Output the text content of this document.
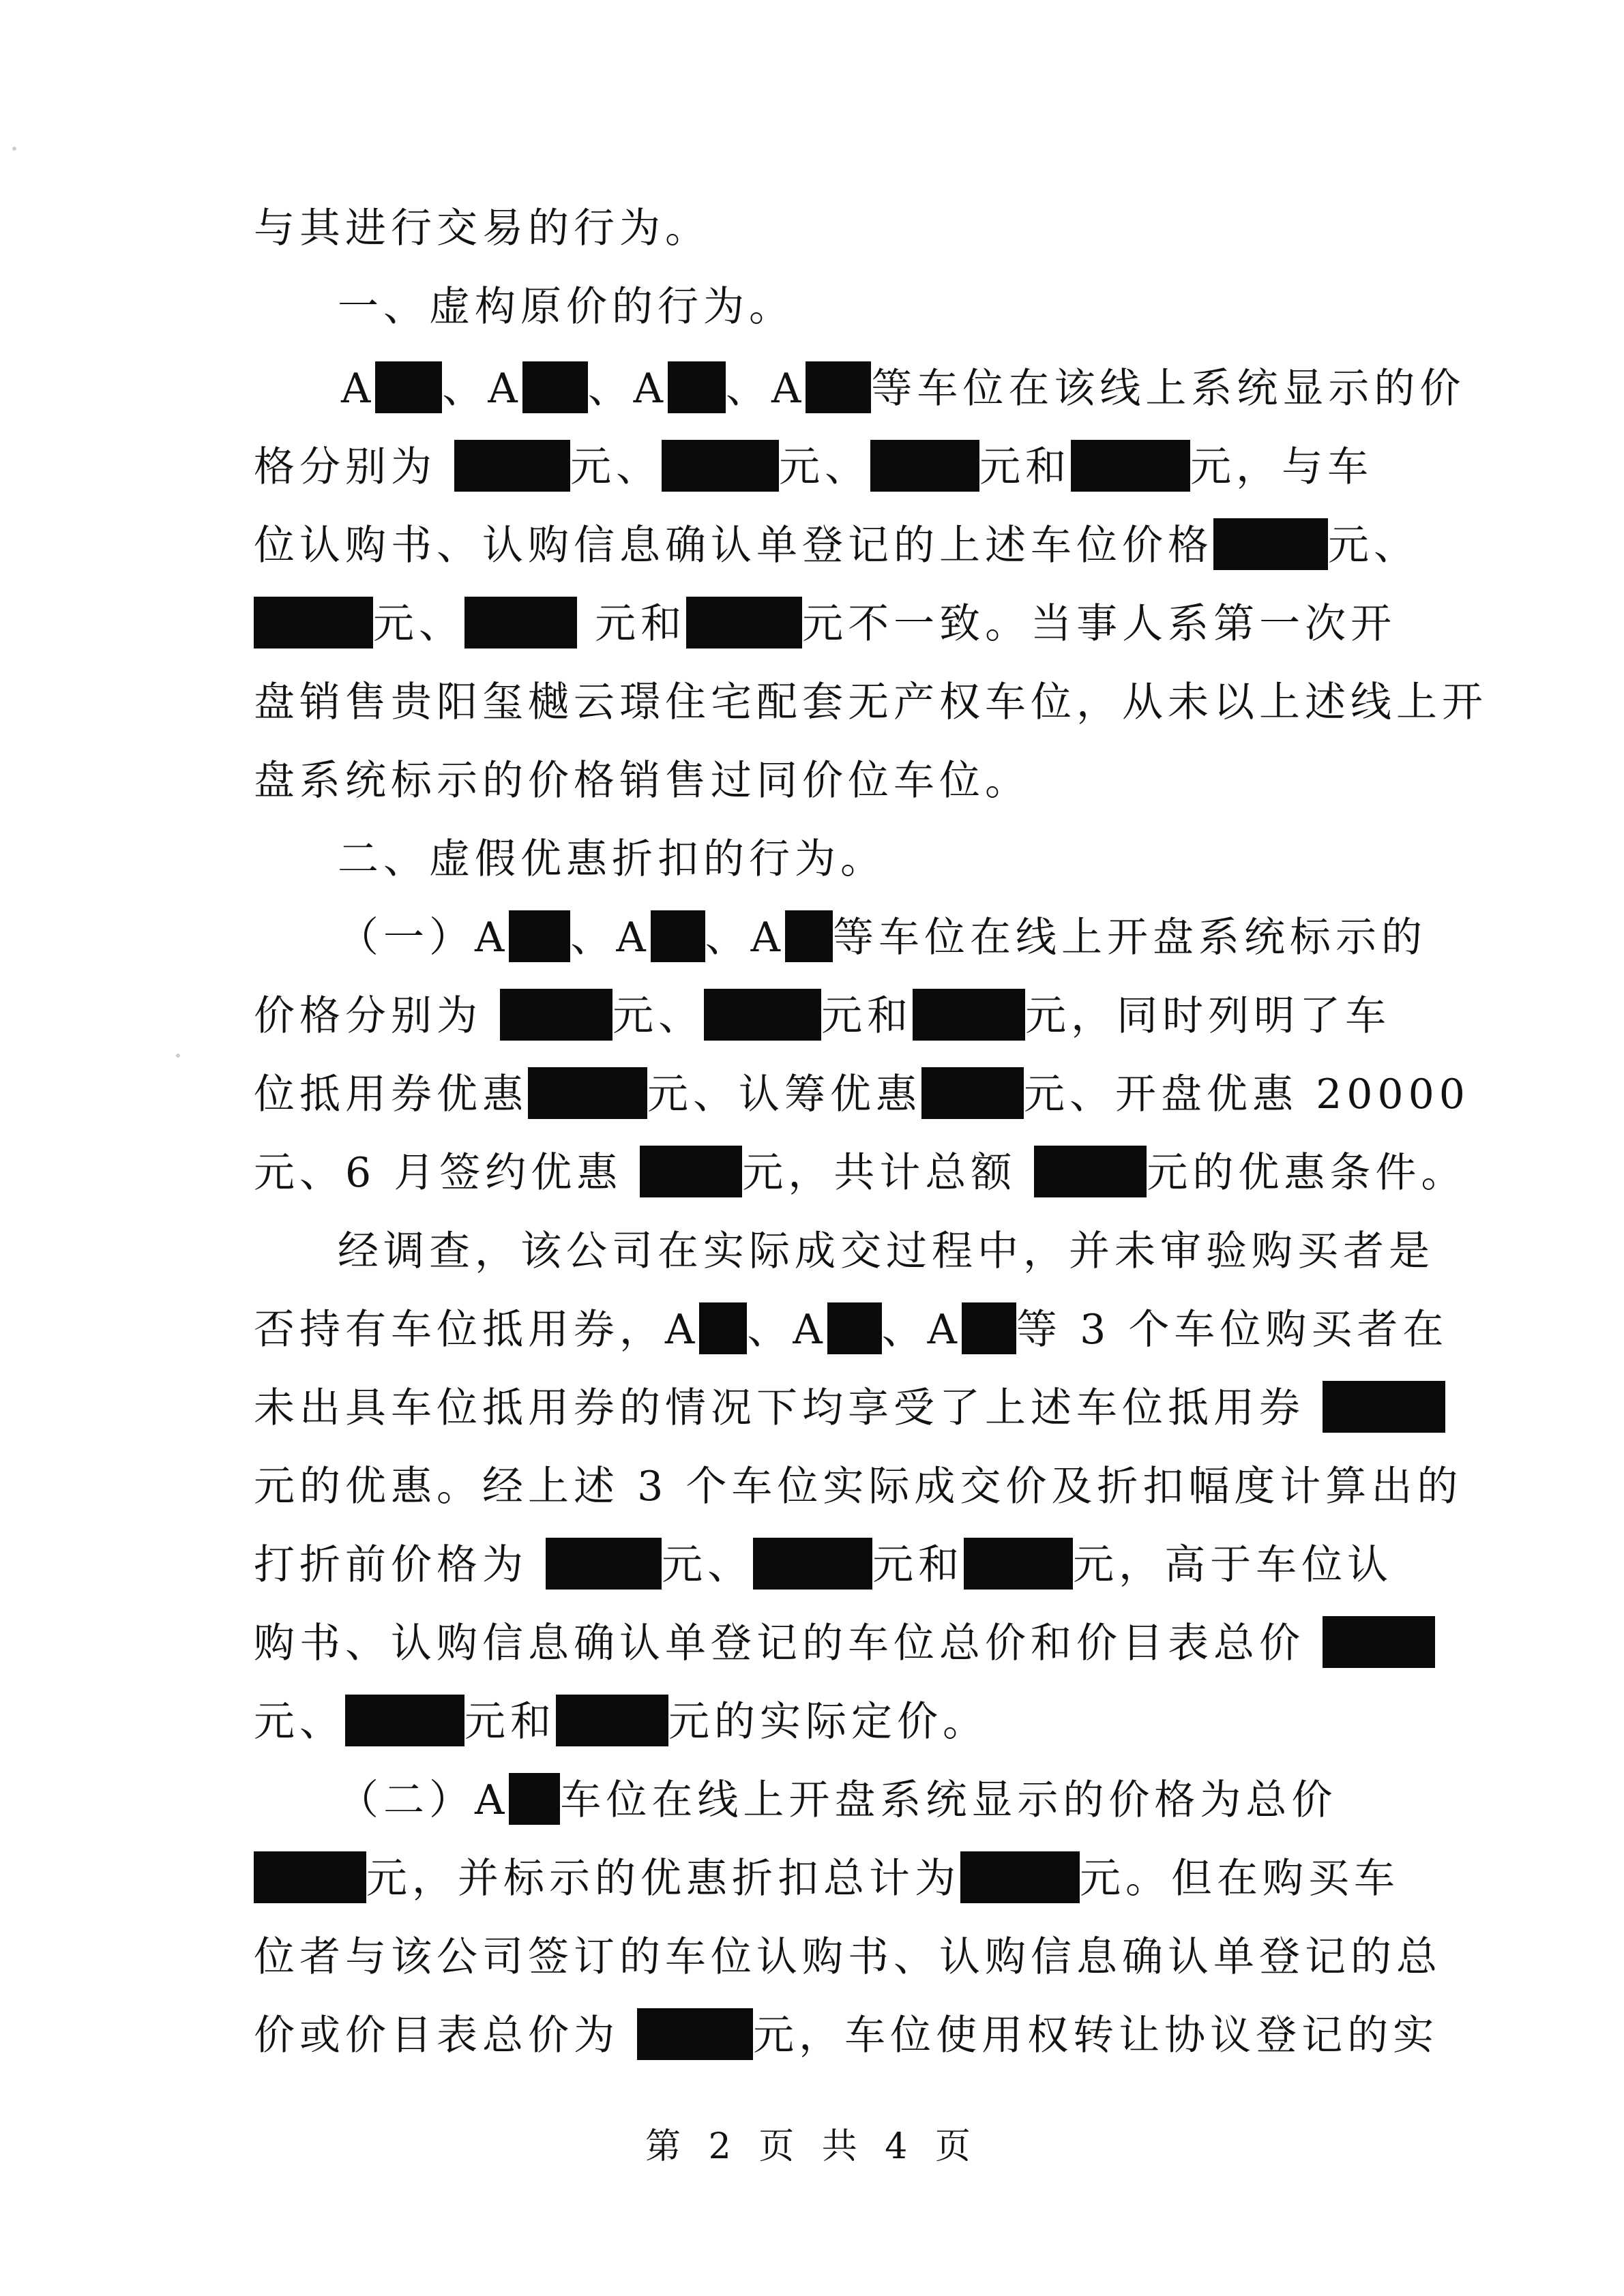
与其进行交易的行为。
一、虚构原价的行为。
A 、A 、A 、A 等车位在该线上系统显示的价
格分别为	元、	元、	元和	元，与车
位认购书、认购信息确认单登记的上述车位价格	元、
元、	元和	元不一致。当事人系第一次开
盘销售贵阳玺樾云璟住宅配套无产权车位，从未以上述线上开
盘系统标示的价格销售过同价位车位。
二、虚假优惠折扣的行为。
（一）A 、A 、A 等车位在线上开盘系统标示的
价格分别为	元、	元和	元，同时列明了车
位抵用券优惠	元、认筹优惠	元、开盘优惠 20000
元、6 月签约优惠	元，共计总额	元的优惠条件。
经调查，该公司在实际成交过程中，并未审验购买者是
否持有车位抵用券，A 、A 、A 等 3 个车位购买者在
未出具车位抵用券的情况下均享受了上述车位抵用券
元的优惠。经上述 3 个车位实际成交价及折扣幅度计算出的
打折前价格为	元、	元和	元，高于车位认
购书、认购信息确认单登记的车位总价和价目表总价
元、	元和	元的实际定价。
（二）A 车位在线上开盘系统显示的价格为总价
元，并标示的优惠折扣总计为	元。但在购买车
位者与该公司签订的车位认购书、认购信息确认单登记的总
价或价目表总价为	元，车位使用权转让协议登记的实
第 2 页 共 4 页
